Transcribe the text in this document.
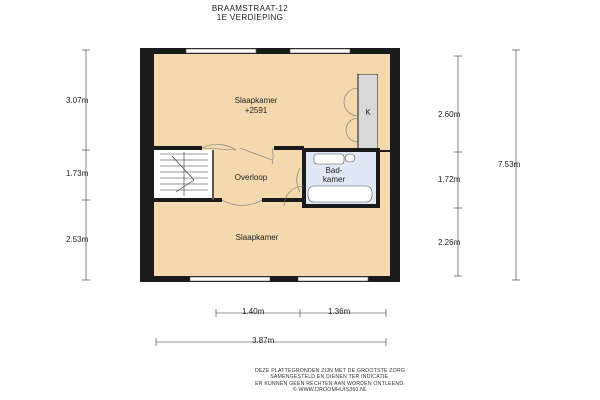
BRAAMSTRAAT-12
1E VERDIEPING
Slaapkamer
+2591
Overloop
Bad-
kamer
K
Slaapkamer
3.07m
1.73m
2.53m
2.60m
1.72m
2.26m
7.53m
1.40m	1.36m
3.87m
DEZE PLATTEGRONDEN ZIJN MET DE GROOTSTE ZORG
SAMENGESTELD EN DIENEN TER INDICATIE.
ER KUNNEN GEEN RECHTEN AAN WORDEN ONTLEEND.
© WWW.DROOMHUIS360.NL
